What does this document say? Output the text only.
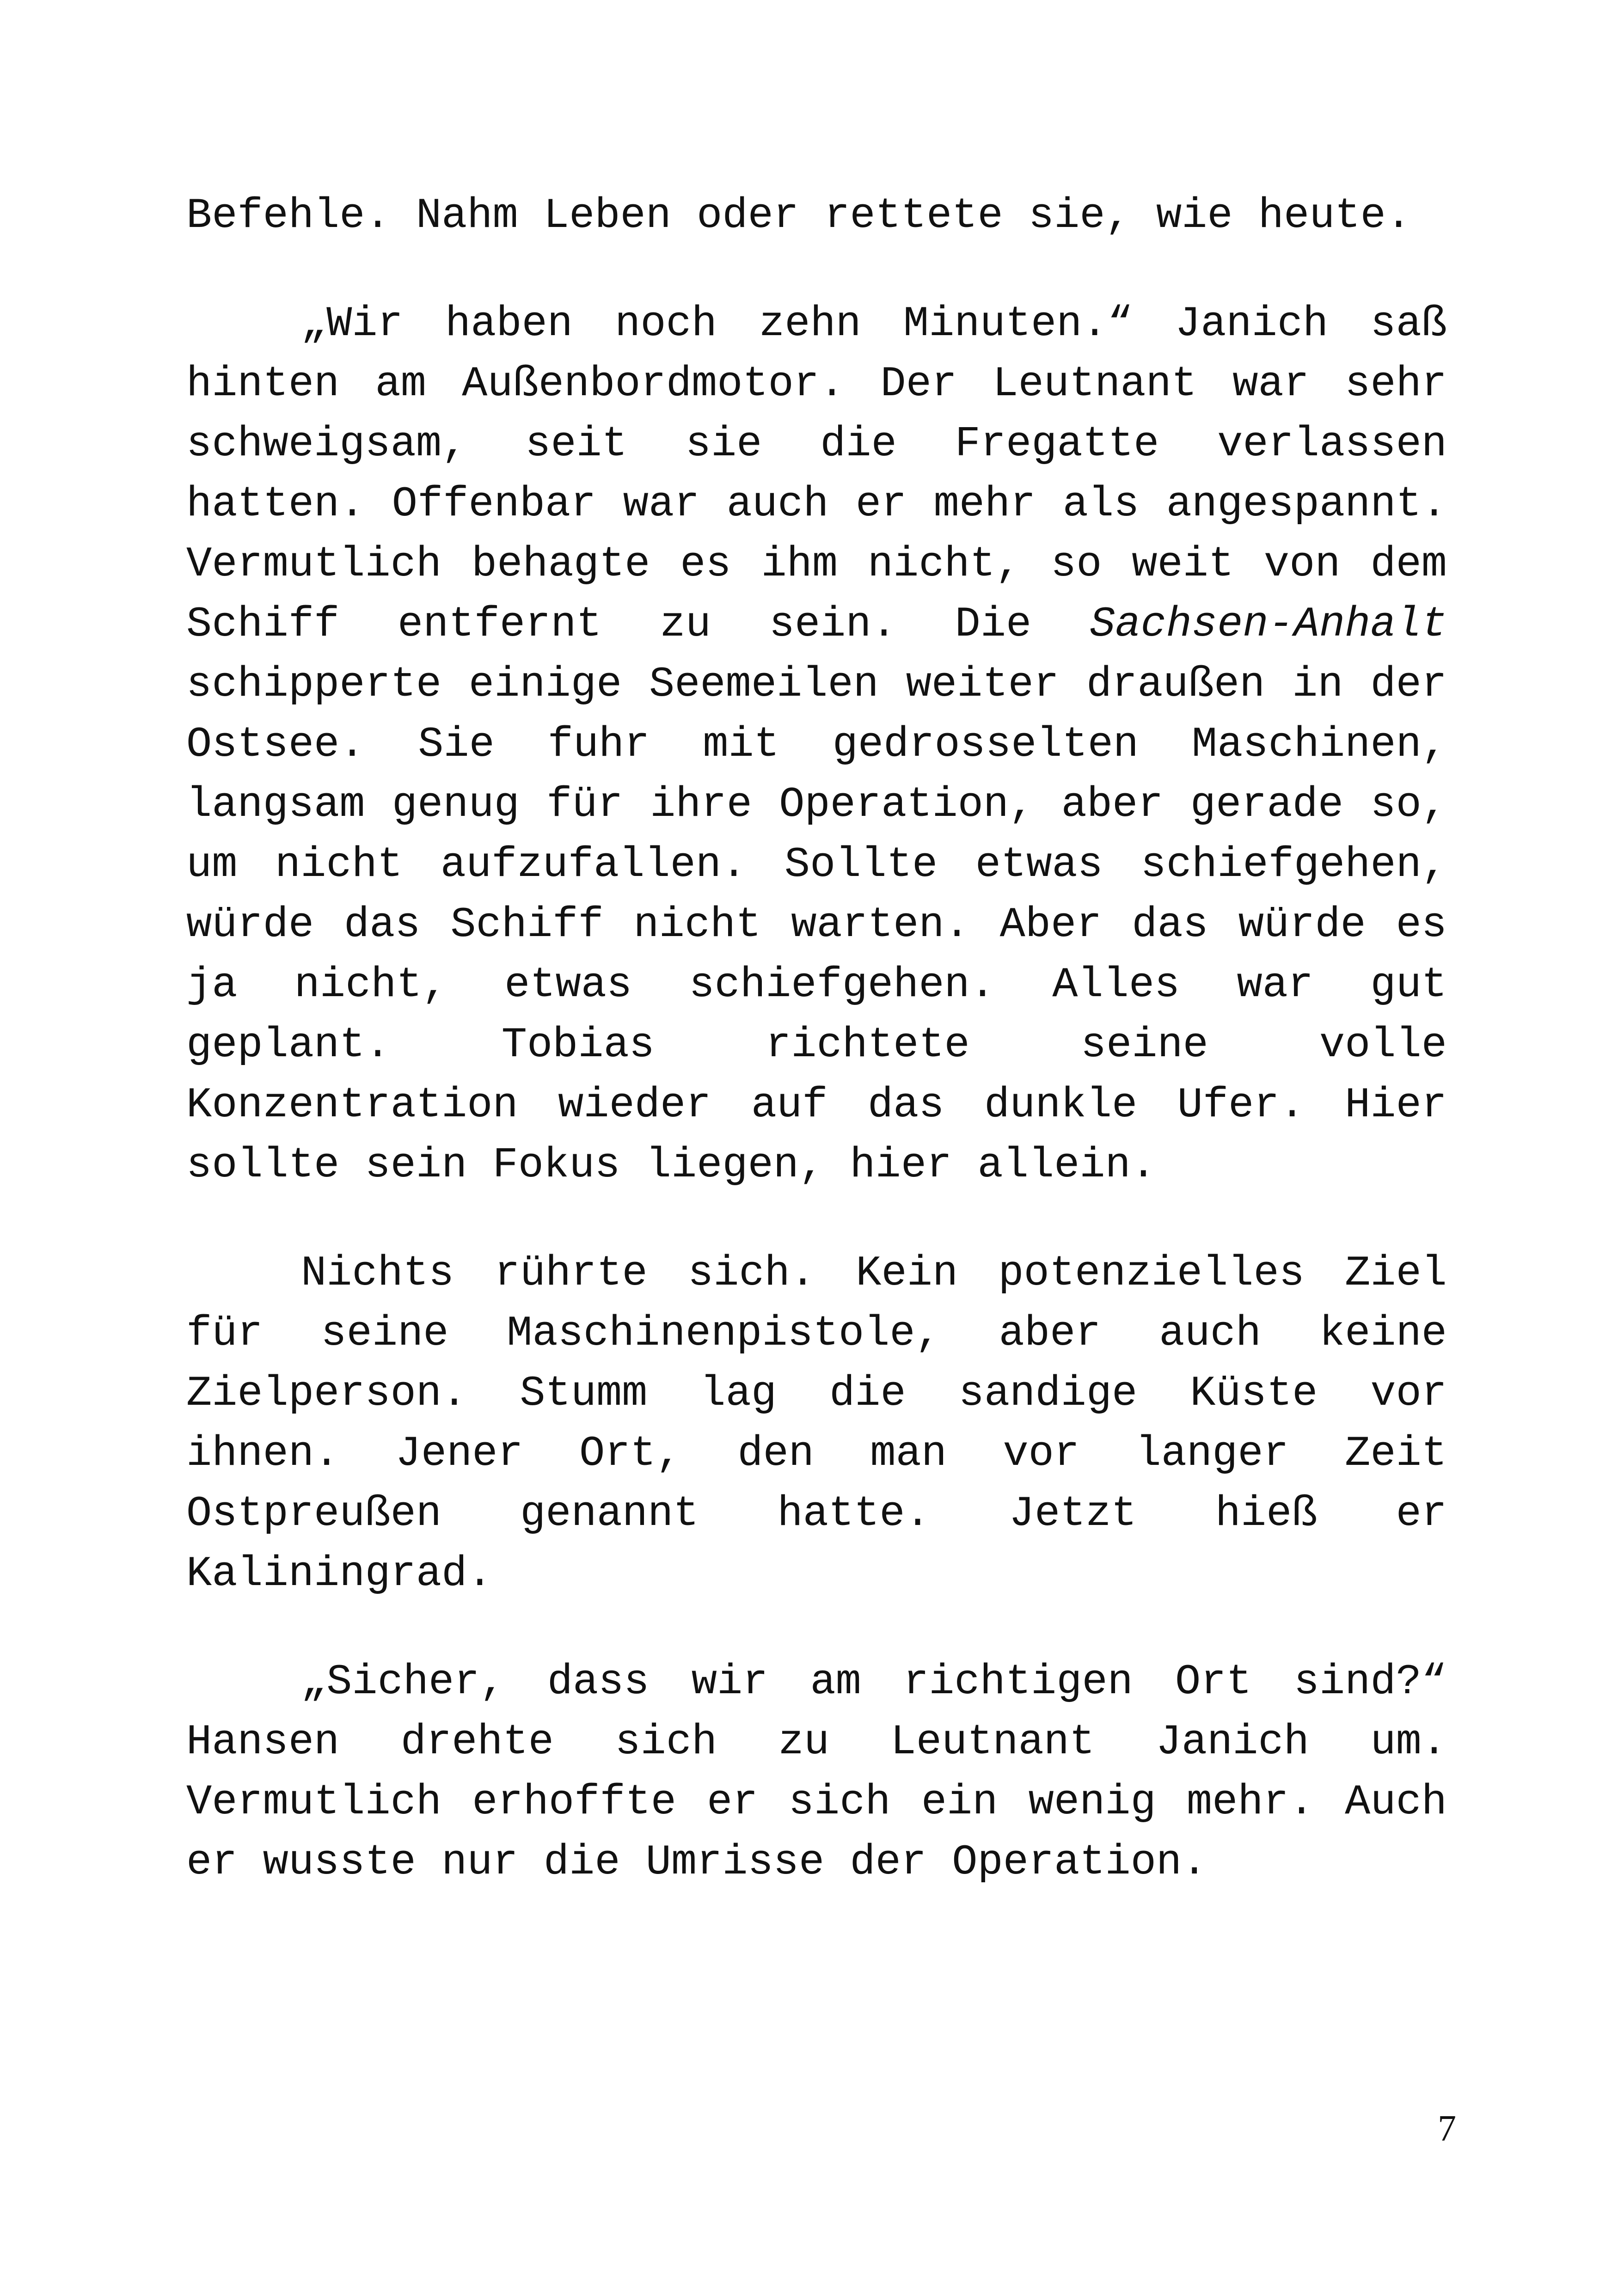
Befehle. Nahm Leben oder rettete sie, wie heute.

„Wir haben noch zehn Minuten.“ Janich saß hinten am Außenbordmotor. Der Leutnant war sehr schweigsam, seit sie die Fregatte verlassen hatten. Offenbar war auch er mehr als angespannt. Vermutlich behagte es ihm nicht, so weit von dem Schiff entfernt zu sein. Die Sachsen-Anhalt schipperte einige Seemeilen weiter draußen in der Ostsee. Sie fuhr mit gedrosselten Maschinen, langsam genug für ihre Operation, aber gerade so, um nicht aufzufallen. Sollte etwas schiefgehen, würde das Schiff nicht warten. Aber das würde es ja nicht, etwas schiefgehen. Alles war gut geplant. Tobias richtete seine volle Konzentration wieder auf das dunkle Ufer. Hier sollte sein Fokus liegen, hier allein.

Nichts rührte sich. Kein potenzielles Ziel für seine Maschinenpistole, aber auch keine Zielperson. Stumm lag die sandige Küste vor ihnen. Jener Ort, den man vor langer Zeit Ostpreußen genannt hatte. Jetzt hieß er Kaliningrad.

„Sicher, dass wir am richtigen Ort sind?“ Hansen drehte sich zu Leutnant Janich um. Vermutlich erhoffte er sich ein wenig mehr. Auch er wusste nur die Umrisse der Operation.

7
